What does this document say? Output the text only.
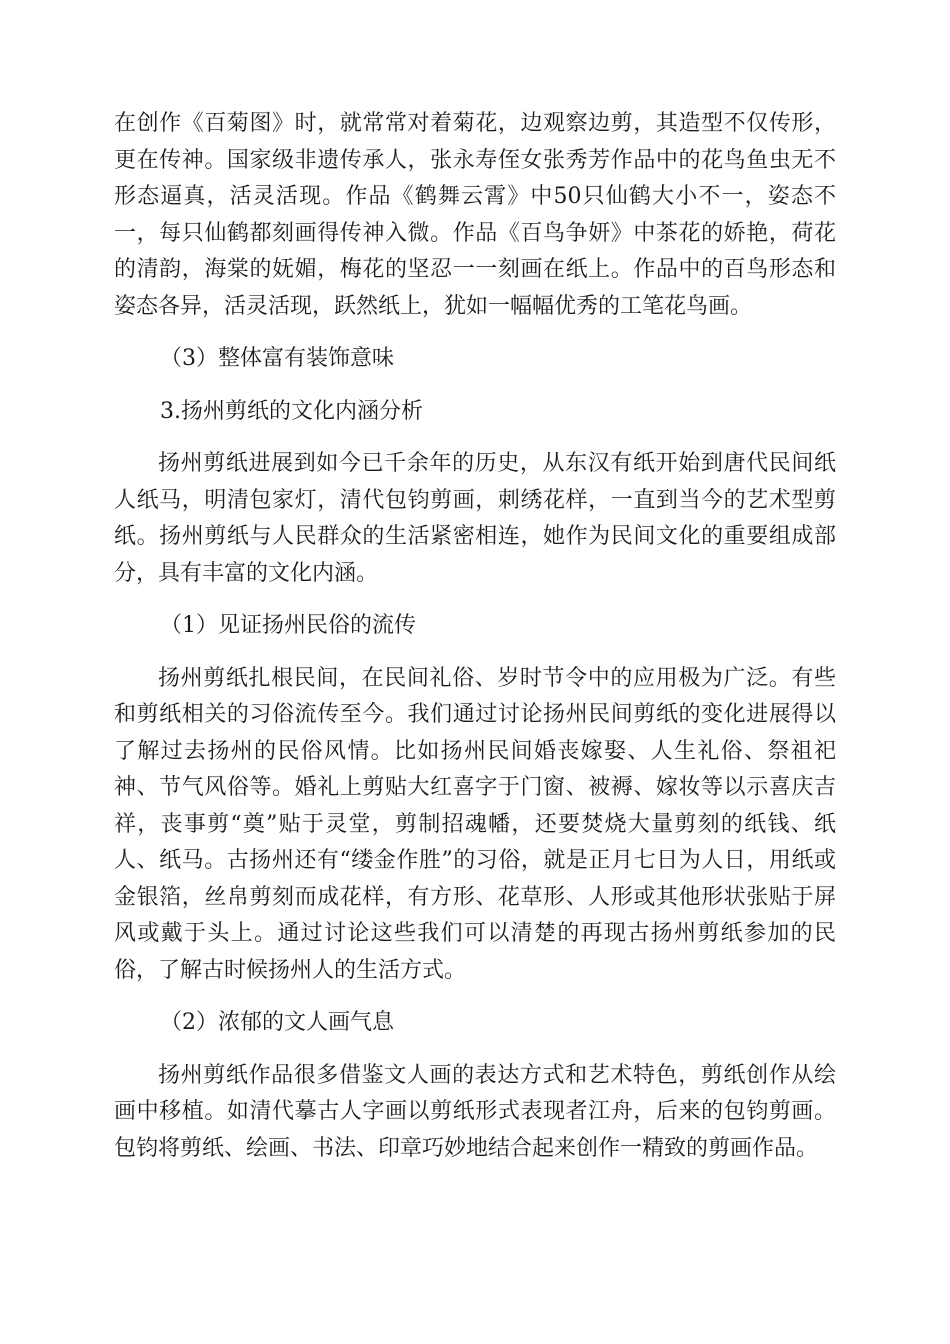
在创作《百菊图》时，就常常对着菊花，边观察边剪，其造型不仅传形，更在传神。国家级非遗传承人，张永寿侄女张秀芳作品中的花鸟鱼虫无不形态逼真，活灵活现。作品《鹤舞云霄》中50只仙鹤大小不一，姿态不一，每只仙鹤都刻画得传神入微。作品《百鸟争妍》中茶花的娇艳，荷花的清韵，海棠的妩媚，梅花的坚忍一一刻画在纸上。作品中的百鸟形态和姿态各异，活灵活现，跃然纸上，犹如一幅幅优秀的工笔花鸟画。

（3）整体富有装饰意味

3.扬州剪纸的文化内涵分析

扬州剪纸进展到如今已千余年的历史，从东汉有纸开始到唐代民间纸人纸马，明清包家灯，清代包钧剪画，刺绣花样，一直到当今的艺术型剪纸。扬州剪纸与人民群众的生活紧密相连，她作为民间文化的重要组成部分，具有丰富的文化内涵。

（1）见证扬州民俗的流传

扬州剪纸扎根民间，在民间礼俗、岁时节令中的应用极为广泛。有些和剪纸相关的习俗流传至今。我们通过讨论扬州民间剪纸的变化进展得以了解过去扬州的民俗风情。比如扬州民间婚丧嫁娶、人生礼俗、祭祖祀神、节气风俗等。婚礼上剪贴大红喜字于门窗、被褥、嫁妆等以示喜庆吉祥，丧事剪“奠”贴于灵堂，剪制招魂幡，还要焚烧大量剪刻的纸钱、纸人、纸马。古扬州还有“缕金作胜”的习俗，就是正月七日为人日，用纸或金银箔，丝帛剪刻而成花样，有方形、花草形、人形或其他形状张贴于屏风或戴于头上。通过讨论这些我们可以清楚的再现古扬州剪纸参加的民俗，了解古时候扬州人的生活方式。

（2）浓郁的文人画气息

扬州剪纸作品很多借鉴文人画的表达方式和艺术特色，剪纸创作从绘画中移植。如清代摹古人字画以剪纸形式表现者江舟，后来的包钧剪画。包钧将剪纸、绘画、书法、印章巧妙地结合起来创作一精致的剪画作品。
